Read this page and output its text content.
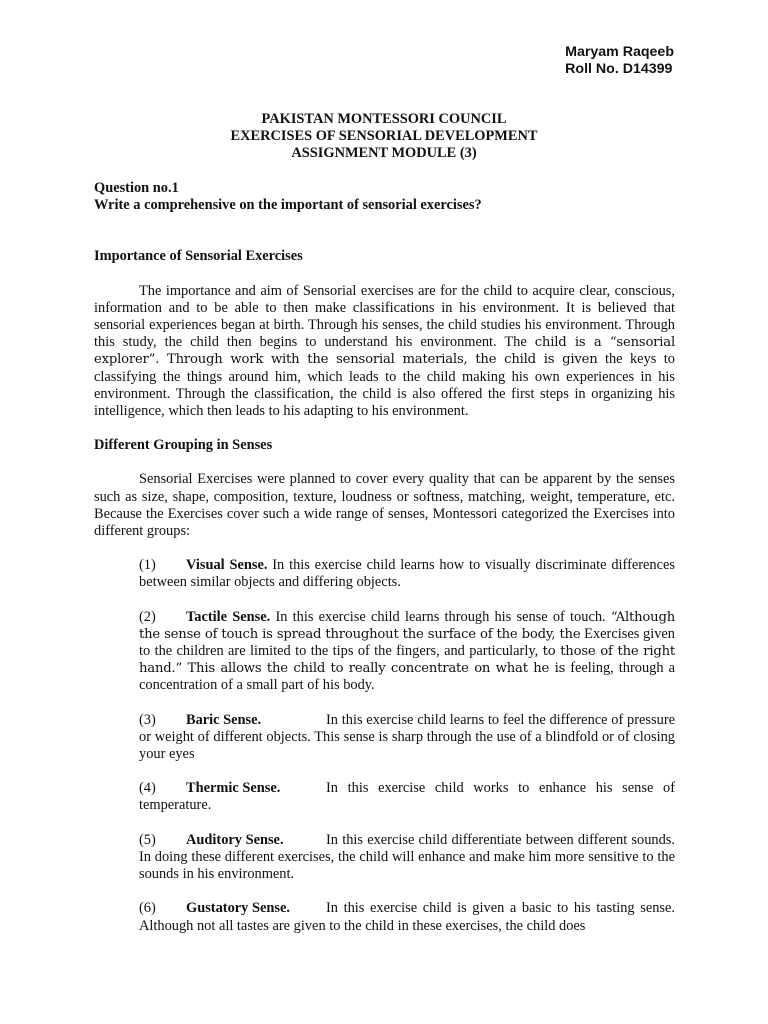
Maryam Raqeeb
Roll No. D14399
PAKISTAN MONTESSORI COUNCIL
EXERCISES OF SENSORIAL DEVELOPMENT
ASSIGNMENT MODULE (3)
Question no.1
Write a comprehensive on the important of sensorial exercises?
Importance of Sensorial Exercises

The importance and aim of Sensorial exercises are for the child to acquire clear, conscious, information and to be able to then make classifications in his environment. It is believed that sensorial experiences began at birth. Through his senses, the child studies his environment. Through this study, the child then begins to understand his environment. The child is a “sensorial explorer”. Through work with the sensorial materials, the child is given the keys to classifying the things around him, which leads to the child making his own experiences in his environment. Through the classification, the child is also offered the first steps in organizing his intelligence, which then leads to his adapting to his environment.

Different Grouping in Senses

Sensorial Exercises were planned to cover every quality that can be apparent by the senses such as size, shape, composition, texture, loudness or softness, matching, weight, temperature, etc. Because the Exercises cover such a wide range of senses, Montessori categorized the Exercises into different groups:

(1) Visual Sense. In this exercise child learns how to visually discriminate differences between similar objects and differing objects.

(2) Tactile Sense. In this exercise child learns through his sense of touch. “Although the sense of touch is spread throughout the surface of the body, the Exercises given to the children are limited to the tips of the fingers, and particularly, to those of the right hand.” This allows the child to really concentrate on what he is feeling, through a concentration of a small part of his body.

(3) Baric Sense.	In this exercise child learns to feel the difference of pressure or weight of different objects. This sense is sharp through the use of a blindfold or of closing your eyes

(4) Thermic Sense.	In this exercise child works to enhance his sense of temperature.

(5) Auditory Sense.	In this exercise child differentiate between different sounds. In doing these different exercises, the child will enhance and make him more sensitive to the sounds in his environment.

(6) Gustatory Sense.	In this exercise child is given a basic to his tasting sense. Although not all tastes are given to the child in these exercises, the child does
